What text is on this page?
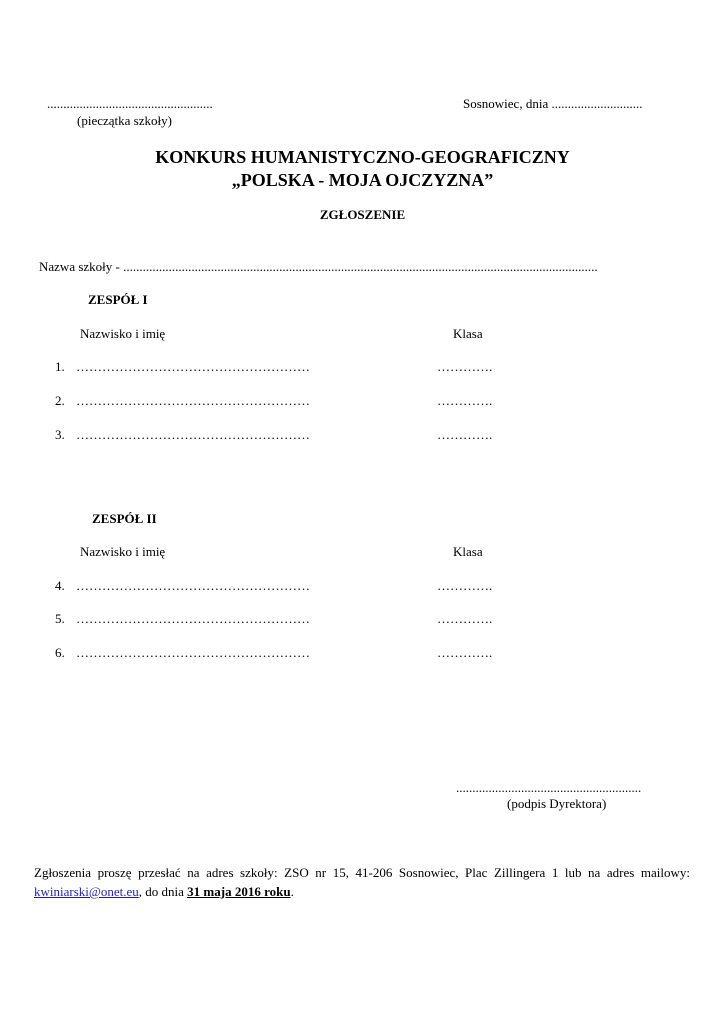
...................................................
(pieczątka szkoły)
Sosnowiec, dnia ............................
KONKURS HUMANISTYCZNO-GEOGRAFICZNY
„POLSKA - MOJA OJCZYZNA”
ZGŁOSZENIE
Nazwa szkoły - ..................................................................................................................................................
ZESPÓŁ I
Nazwisko i imię	Klasa
1. ………………………………………………	………….
2. ………………………………………………	………….
3. ………………………………………………	………….
ZESPÓŁ II
Nazwisko i imię	Klasa
4. ………………………………………………	………….
5. ………………………………………………	………….
6. ………………………………………………	………….
.........................................................
(podpis Dyrektora)
Zgłoszenia proszę przesłać na adres szkoły: ZSO nr 15, 41-206 Sosnowiec, Plac Zillingera 1 lub na adres mailowy: kwiniarski@onet.eu, do dnia 31 maja 2016 roku.
